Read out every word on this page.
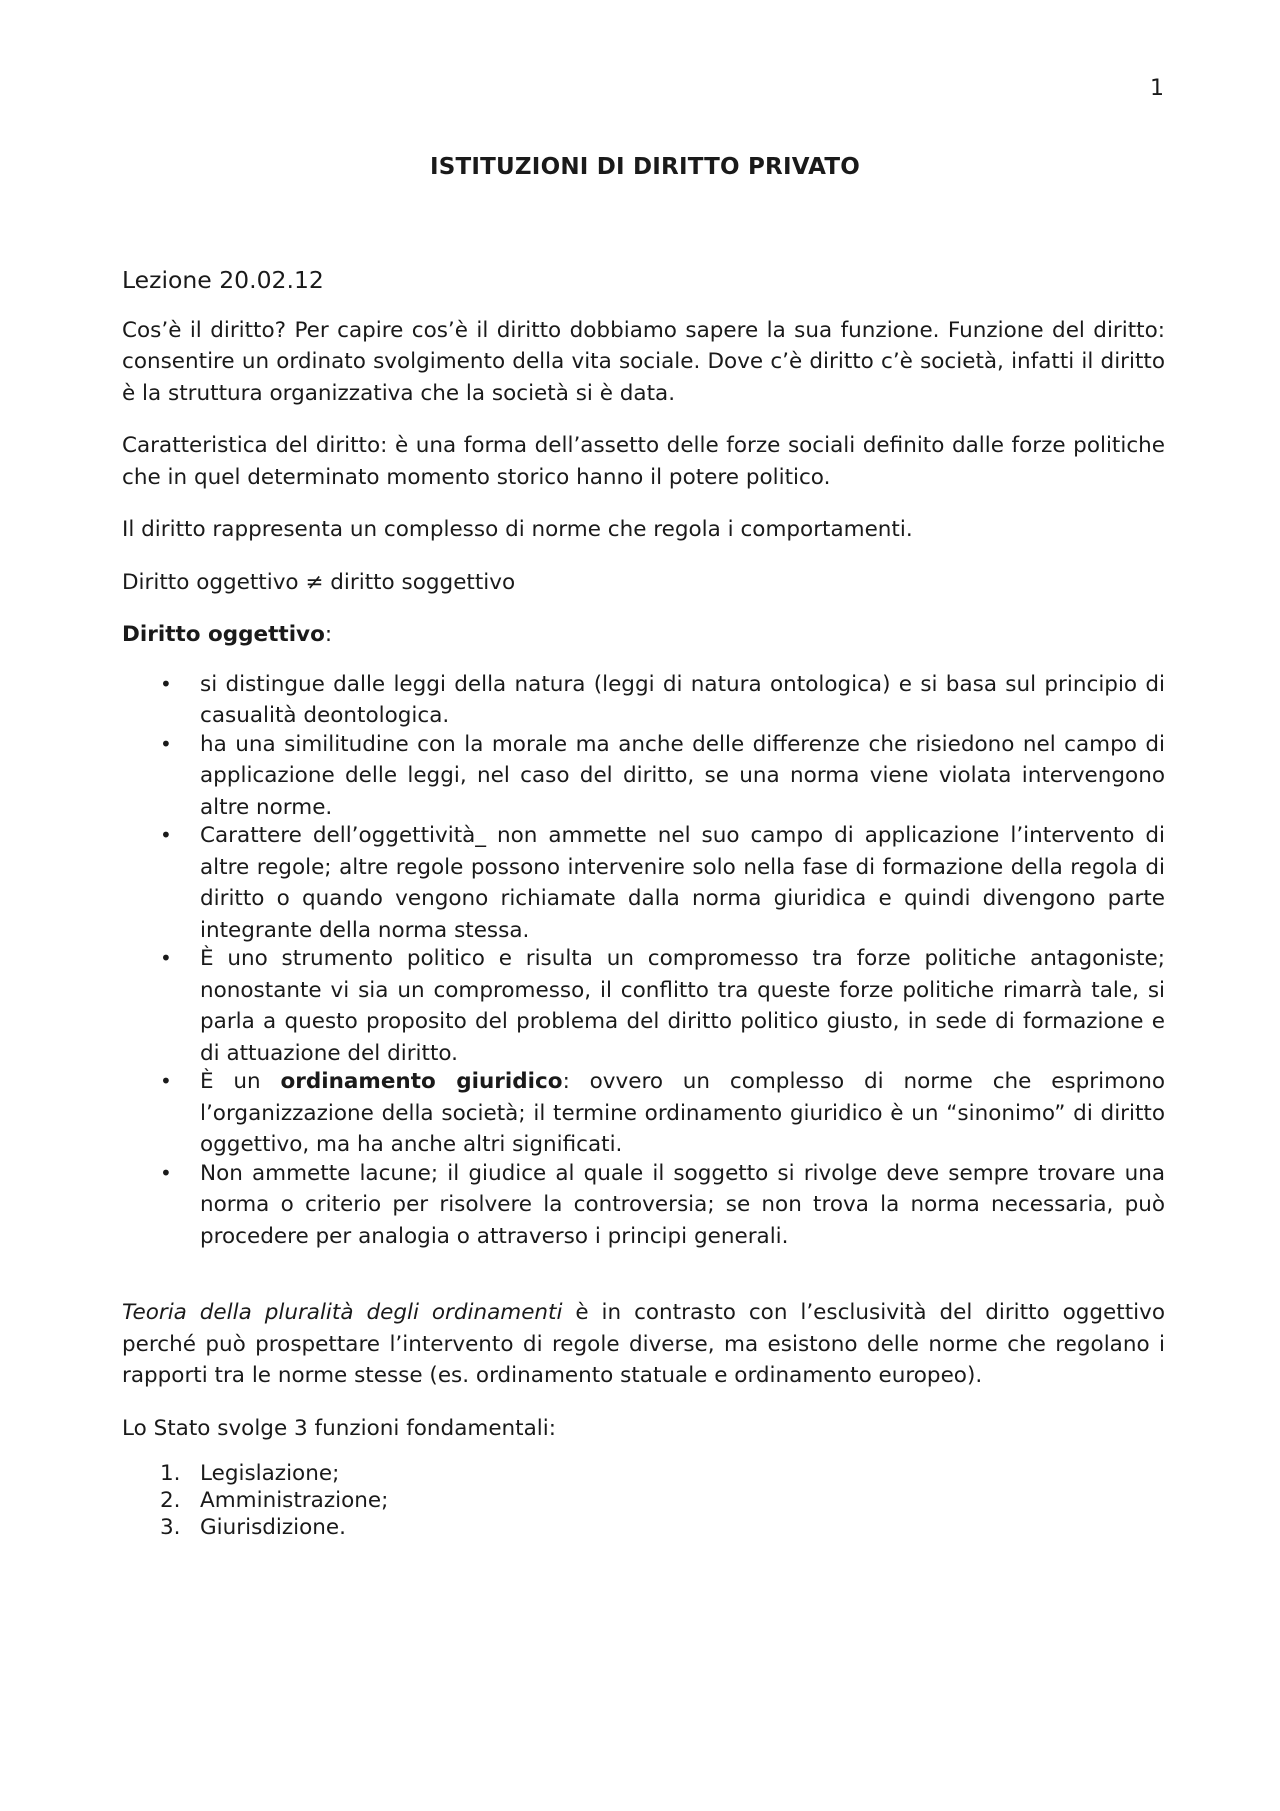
1
ISTITUZIONI DI DIRITTO PRIVATO
Lezione 20.02.12

Cos’è il diritto? Per capire cos’è il diritto dobbiamo sapere la sua funzione. Funzione del diritto: consentire un ordinato svolgimento della vita sociale. Dove c’è diritto c’è società, infatti il diritto è la struttura organizzativa che la società si è data.

Caratteristica del diritto: è una forma dell’assetto delle forze sociali definito dalle forze politiche che in quel determinato momento storico hanno il potere politico.

Il diritto rappresenta un complesso di norme che regola i comportamenti.

Diritto oggettivo ≠ diritto soggettivo

Diritto oggettivo:

• si distingue dalle leggi della natura (leggi di natura ontologica) e si basa sul principio di casualità deontologica.
• ha una similitudine con la morale ma anche delle differenze che risiedono nel campo di applicazione delle leggi, nel caso del diritto, se una norma viene violata intervengono altre norme.
• Carattere dell’oggettività_ non ammette nel suo campo di applicazione l’intervento di altre regole; altre regole possono intervenire solo nella fase di formazione della regola di diritto o quando vengono richiamate dalla norma giuridica e quindi divengono parte integrante della norma stessa.
• È uno strumento politico e risulta un compromesso tra forze politiche antagoniste; nonostante vi sia un compromesso, il conflitto tra queste forze politiche rimarrà tale, si parla a questo proposito del problema del diritto politico giusto, in sede di formazione e di attuazione del diritto.
• È un ordinamento giuridico: ovvero un complesso di norme che esprimono l’organizzazione della società; il termine ordinamento giuridico è un “sinonimo” di diritto oggettivo, ma ha anche altri significati.
• Non ammette lacune; il giudice al quale il soggetto si rivolge deve sempre trovare una norma o criterio per risolvere la controversia; se non trova la norma necessaria, può procedere per analogia o attraverso i principi generali.

Teoria della pluralità degli ordinamenti è in contrasto con l’esclusività del diritto oggettivo perché può prospettare l’intervento di regole diverse, ma esistono delle norme che regolano i rapporti tra le norme stesse (es. ordinamento statuale e ordinamento europeo).

Lo Stato svolge 3 funzioni fondamentali:

1. Legislazione;
2. Amministrazione;
3. Giurisdizione.
